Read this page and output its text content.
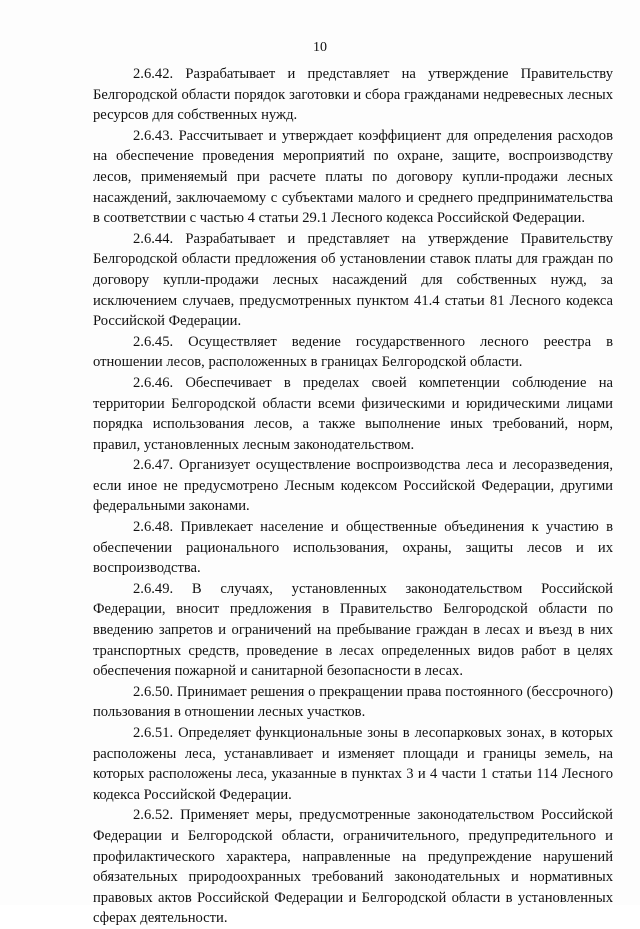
10

2.6.42. Разрабатывает и представляет на утверждение Правительству Белгородской области порядок заготовки и сбора гражданами недревесных лесных ресурсов для собственных нужд.

2.6.43. Рассчитывает и утверждает коэффициент для определения расходов на обеспечение проведения мероприятий по охране, защите, воспроизводству лесов, применяемый при расчете платы по договору купли-продажи лесных насаждений, заключаемому с субъектами малого и среднего предпринимательства в соответствии с частью 4 статьи 29.1 Лесного кодекса Российской Федерации.

2.6.44. Разрабатывает и представляет на утверждение Правительству Белгородской области предложения об установлении ставок платы для граждан по договору купли-продажи лесных насаждений для собственных нужд, за исключением случаев, предусмотренных пунктом 41.4 статьи 81 Лесного кодекса Российской Федерации.

2.6.45. Осуществляет ведение государственного лесного реестра в отношении лесов, расположенных в границах Белгородской области.

2.6.46. Обеспечивает в пределах своей компетенции соблюдение на территории Белгородской области всеми физическими и юридическими лицами порядка использования лесов, а также выполнение иных требований, норм, правил, установленных лесным законодательством.

2.6.47. Организует осуществление воспроизводства леса и лесоразведения, если иное не предусмотрено Лесным кодексом Российской Федерации, другими федеральными законами.

2.6.48. Привлекает население и общественные объединения к участию в обеспечении рационального использования, охраны, защиты лесов и их воспроизводства.

2.6.49. В случаях, установленных законодательством Российской Федерации, вносит предложения в Правительство Белгородской области по введению запретов и ограничений на пребывание граждан в лесах и въезд в них транспортных средств, проведение в лесах определенных видов работ в целях обеспечения пожарной и санитарной безопасности в лесах.

2.6.50. Принимает решения о прекращении права постоянного (бессрочного) пользования в отношении лесных участков.

2.6.51. Определяет функциональные зоны в лесопарковых зонах, в которых расположены леса, устанавливает и изменяет площади и границы земель, на которых расположены леса, указанные в пунктах 3 и 4 части 1 статьи 114 Лесного кодекса Российской Федерации.

2.6.52. Применяет меры, предусмотренные законодательством Российской Федерации и Белгородской области, ограничительного, предупредительного и профилактического характера, направленные на предупреждение нарушений обязательных природоохранных требований законодательных и нормативных правовых актов Российской Федерации и Белгородской области в установленных сферах деятельности.
